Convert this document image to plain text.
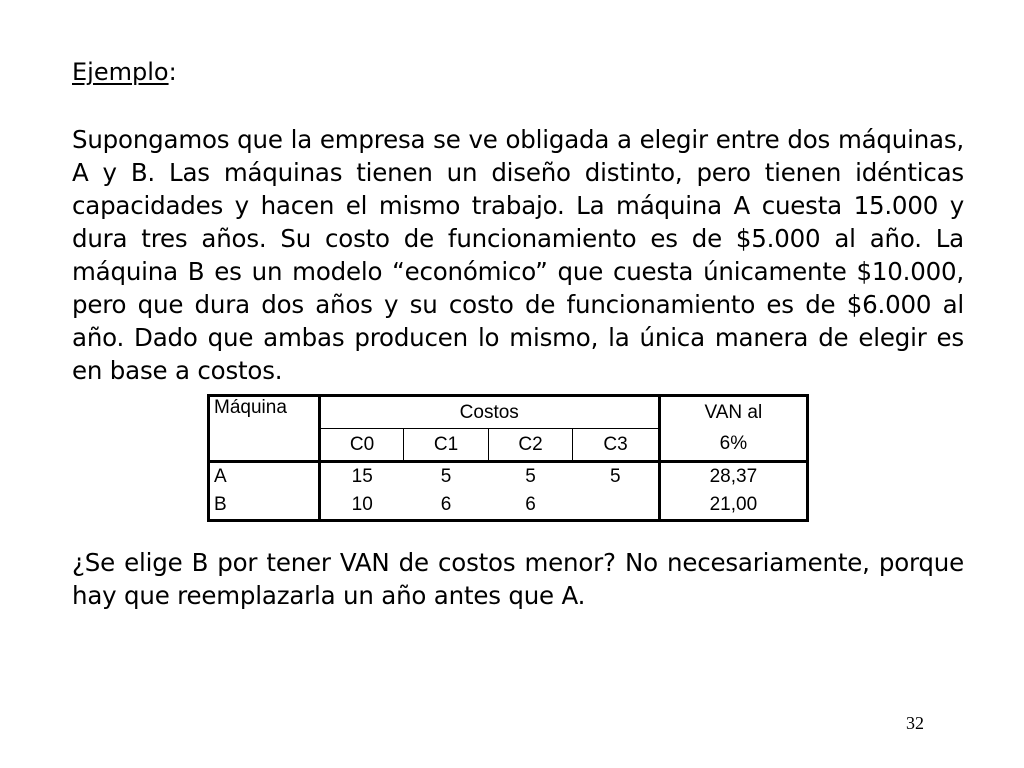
Ejemplo:

Supongamos que la empresa se ve obligada a elegir entre dos máquinas, A y B. Las máquinas tienen un diseño distinto, pero tienen idénticas capacidades y hacen el mismo trabajo. La máquina A cuesta 15.000 y dura tres años. Su costo de funcionamiento es de $5.000 al año. La máquina B es un modelo “económico” que cuesta únicamente $10.000, pero que dura dos años y su costo de funcionamiento es de $6.000 al año. Dado que ambas producen lo mismo, la única manera de elegir es en base a costos.

Máquina	Costos				VAN al
	C0	C1	C2	C3	6%
A	15	5	5	5	28,37
B	10	6	6		21,00

¿Se elige B por tener VAN de costos menor? No necesariamente, porque hay que reemplazarla un año antes que A.

32
